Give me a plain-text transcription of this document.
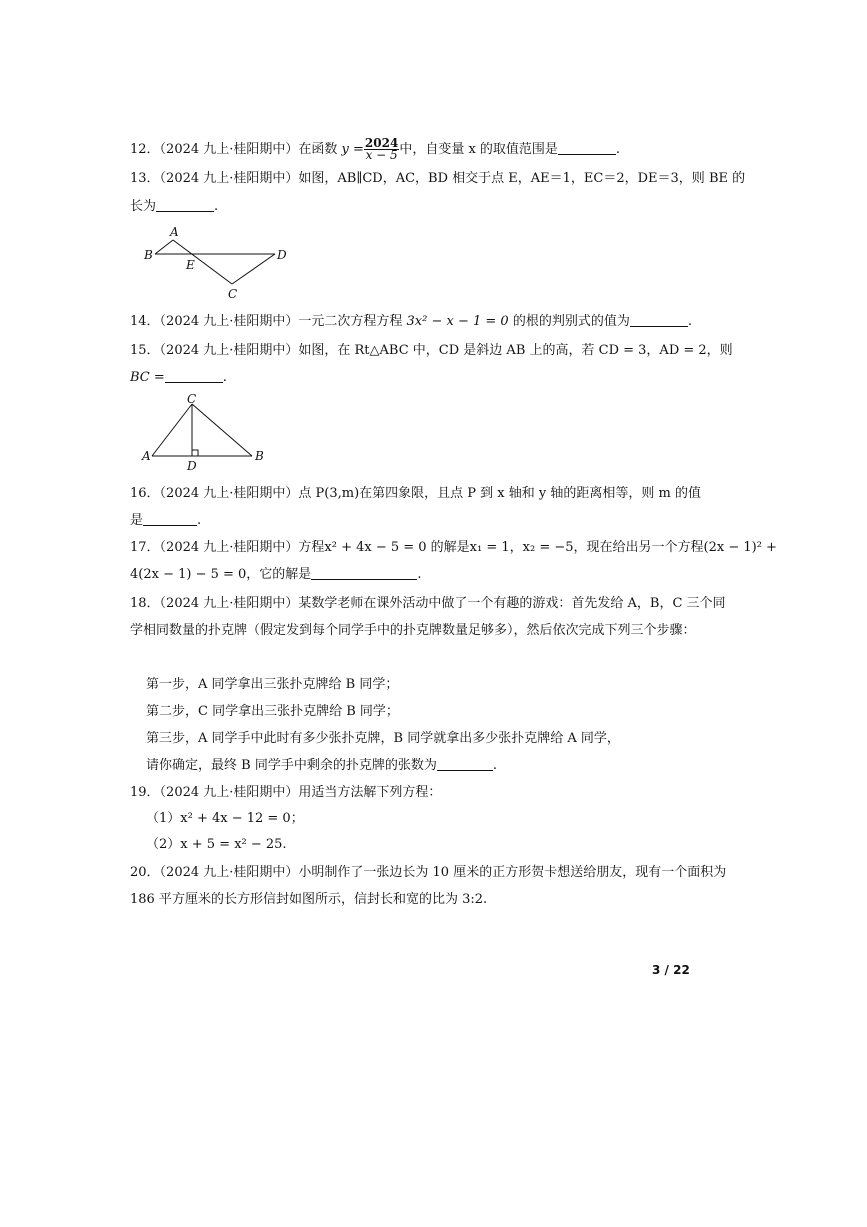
12．（2024 九上·桂阳期中）在函数 $y = \frac{2024}{x - 5}$ 中，自变量 x 的取值范围是	.
13．（2024 九上·桂阳期中）如图，AB∥CD，AC，BD 相交于点 E，AE＝1，EC＝2，DE＝3，则 BE 的
长为	.
A
B
E
D
C
14．（2024 九上·桂阳期中）一元二次方程方程 3x² − x − 1 = 0 的根的判别式的值为	.
15．（2024 九上·桂阳期中）如图，在 Rt△ABC 中，CD 是斜边 AB 上的高，若 CD = 3，AD = 2，则
BC =	.
C
A
D
B
16．（2024 九上·桂阳期中）点 P(3,m)在第四象限，且点 P 到 x 轴和 y 轴的距离相等，则 m 的值
是	.
17．（2024 九上·桂阳期中）方程x² + 4x − 5 = 0 的解是x₁ = 1，x₂ = −5，现在给出另一个方程(2x − 1)² +
4(2x − 1) − 5 = 0，它的解是	.
18．（2024 九上·桂阳期中）某数学老师在课外活动中做了一个有趣的游戏：首先发给 A，B，C 三个同
学相同数量的扑克牌（假定发到每个同学手中的扑克牌数量足够多），然后依次完成下列三个步骤：
第一步，A 同学拿出三张扑克牌给 B 同学；
第二步，C 同学拿出三张扑克牌给 B 同学；
第三步，A 同学手中此时有多少张扑克牌，B 同学就拿出多少张扑克牌给 A 同学，
请你确定，最终 B 同学手中剩余的扑克牌的张数为	.
19．（2024 九上·桂阳期中）用适当方法解下列方程：
（1）x² + 4x − 12 = 0；
（2）x + 5 = x² − 25.
20．（2024 九上·桂阳期中）小明制作了一张边长为 10 厘米的正方形贺卡想送给朋友，现有一个面积为
186 平方厘米的长方形信封如图所示，信封长和宽的比为 3:2.
3 / 22
